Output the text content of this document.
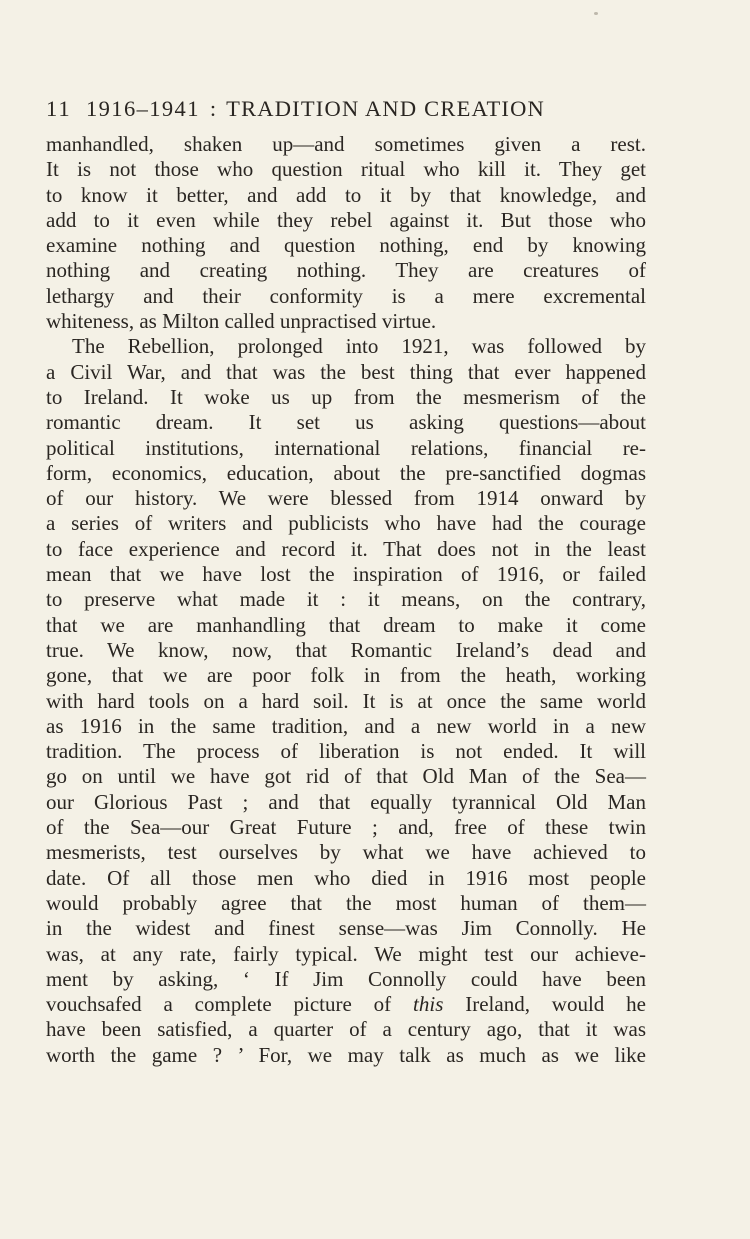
11 1916–1941 : TRADITION AND CREATION
manhandled, shaken up—and sometimes given a rest.
It is not those who question ritual who kill it. They get
to know it better, and add to it by that knowledge, and
add to it even while they rebel against it. But those who
examine nothing and question nothing, end by knowing
nothing and creating nothing. They are creatures of
lethargy and their conformity is a mere excremental
whiteness, as Milton called unpractised virtue.
The Rebellion, prolonged into 1921, was followed by
a Civil War, and that was the best thing that ever happened
to Ireland. It woke us up from the mesmerism of the
romantic dream. It set us asking questions—about
political institutions, international relations, financial re-
form, economics, education, about the pre-sanctified dogmas
of our history. We were blessed from 1914 onward by
a series of writers and publicists who have had the courage
to face experience and record it. That does not in the least
mean that we have lost the inspiration of 1916, or failed
to preserve what made it : it means, on the contrary,
that we are manhandling that dream to make it come
true. We know, now, that Romantic Ireland’s dead and
gone, that we are poor folk in from the heath, working
with hard tools on a hard soil. It is at once the same world
as 1916 in the same tradition, and a new world in a new
tradition. The process of liberation is not ended. It will
go on until we have got rid of that Old Man of the Sea—
our Glorious Past ; and that equally tyrannical Old Man
of the Sea—our Great Future ; and, free of these twin
mesmerists, test ourselves by what we have achieved to
date. Of all those men who died in 1916 most people
would probably agree that the most human of them—
in the widest and finest sense—was Jim Connolly. He
was, at any rate, fairly typical. We might test our achieve-
ment by asking, ‘ If Jim Connolly could have been
vouchsafed a complete picture of this Ireland, would he
have been satisfied, a quarter of a century ago, that it was
worth the game ? ’ For, we may talk as much as we like
